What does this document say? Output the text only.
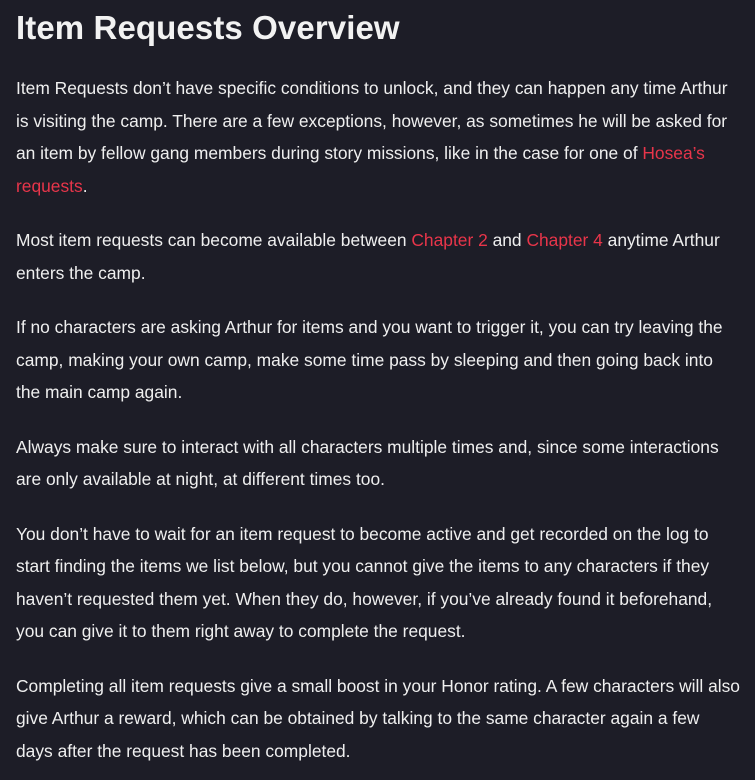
Item Requests Overview

Item Requests don’t have specific conditions to unlock, and they can happen any time Arthur is visiting the camp. There are a few exceptions, however, as sometimes he will be asked for an item by fellow gang members during story missions, like in the case for one of Hosea’s requests.

Most item requests can become available between Chapter 2 and Chapter 4 anytime Arthur enters the camp.

If no characters are asking Arthur for items and you want to trigger it, you can try leaving the camp, making your own camp, make some time pass by sleeping and then going back into the main camp again.

Always make sure to interact with all characters multiple times and, since some interactions are only available at night, at different times too.

You don’t have to wait for an item request to become active and get recorded on the log to start finding the items we list below, but you cannot give the items to any characters if they haven’t requested them yet. When they do, however, if you’ve already found it beforehand, you can give it to them right away to complete the request.

Completing all item requests give a small boost in your Honor rating. A few characters will also give Arthur a reward, which can be obtained by talking to the same character again a few days after the request has been completed.
